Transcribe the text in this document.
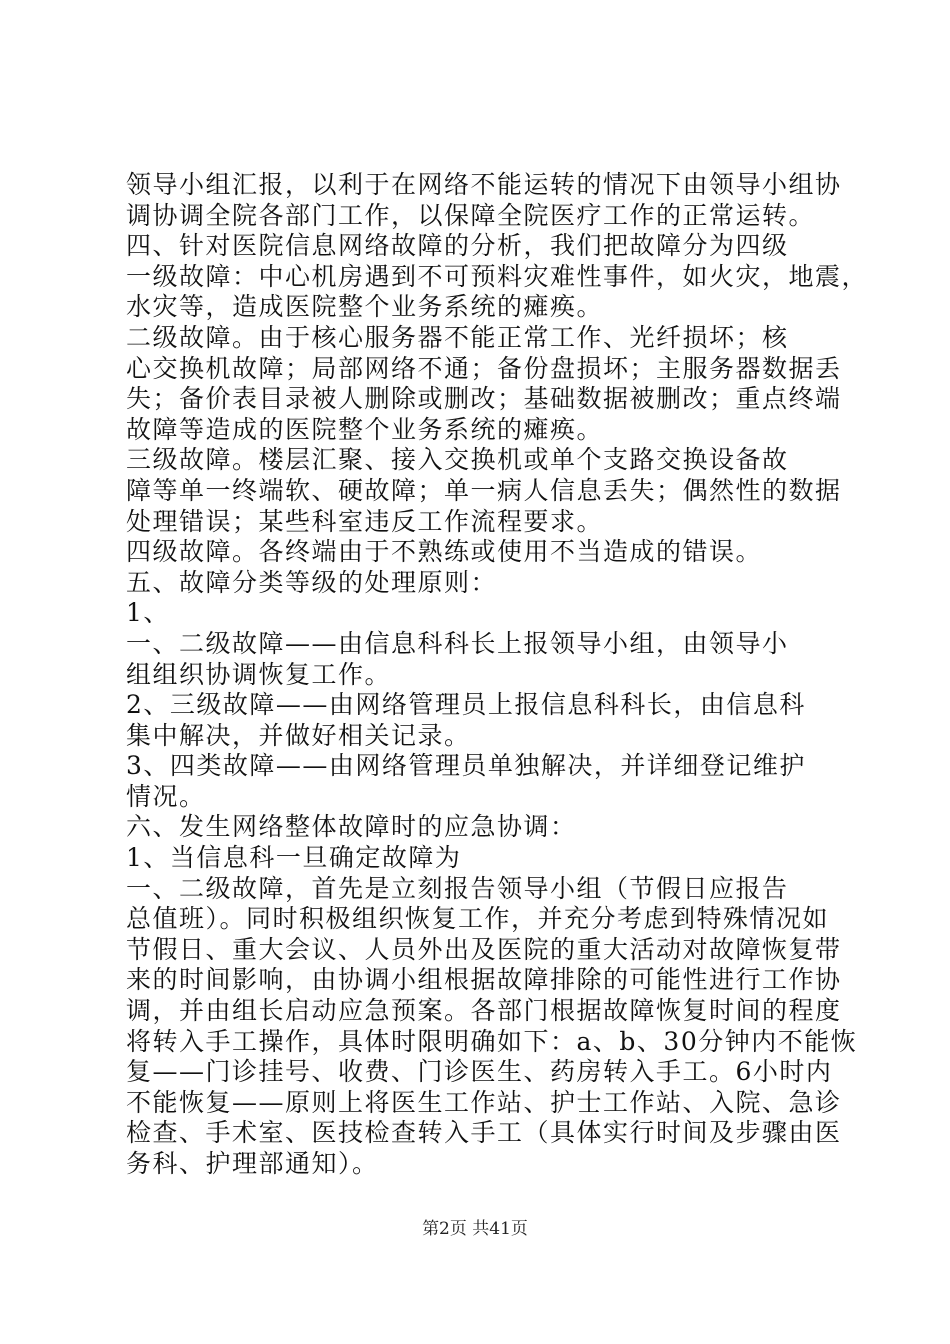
领导小组汇报，以利于在网络不能运转的情况下由领导小组协
调协调全院各部门工作，以保障全院医疗工作的正常运转。
四、针对医院信息网络故障的分析，我们把故障分为四级
一级故障：中心机房遇到不可预料灾难性事件，如火灾，地震，
水灾等，造成医院整个业务系统的瘫痪。
二级故障。由于核心服务器不能正常工作、光纤损坏；核
心交换机故障；局部网络不通；备份盘损坏；主服务器数据丢
失；备价表目录被人删除或删改；基础数据被删改；重点终端
故障等造成的医院整个业务系统的瘫痪。
三级故障。楼层汇聚、接入交换机或单个支路交换设备故
障等单一终端软、硬故障；单一病人信息丢失；偶然性的数据
处理错误；某些科室违反工作流程要求。
四级故障。各终端由于不熟练或使用不当造成的错误。
五、故障分类等级的处理原则：
1、
一、二级故障——由信息科科长上报领导小组，由领导小
组组织协调恢复工作。
2、三级故障——由网络管理员上报信息科科长，由信息科
集中解决，并做好相关记录。
3、四类故障——由网络管理员单独解决，并详细登记维护
情况。
六、发生网络整体故障时的应急协调：
1、当信息科一旦确定故障为
一、二级故障，首先是立刻报告领导小组（节假日应报告
总值班）。同时积极组织恢复工作，并充分考虑到特殊情况如
节假日、重大会议、人员外出及医院的重大活动对故障恢复带
来的时间影响，由协调小组根据故障排除的可能性进行工作协
调，并由组长启动应急预案。各部门根据故障恢复时间的程度
将转入手工操作，具体时限明确如下：a、b、30分钟内不能恢
复——门诊挂号、收费、门诊医生、药房转入手工。6小时内
不能恢复——原则上将医生工作站、护士工作站、入院、急诊
检查、手术室、医技检查转入手工（具体实行时间及步骤由医
务科、护理部通知）。
第2页 共41页
